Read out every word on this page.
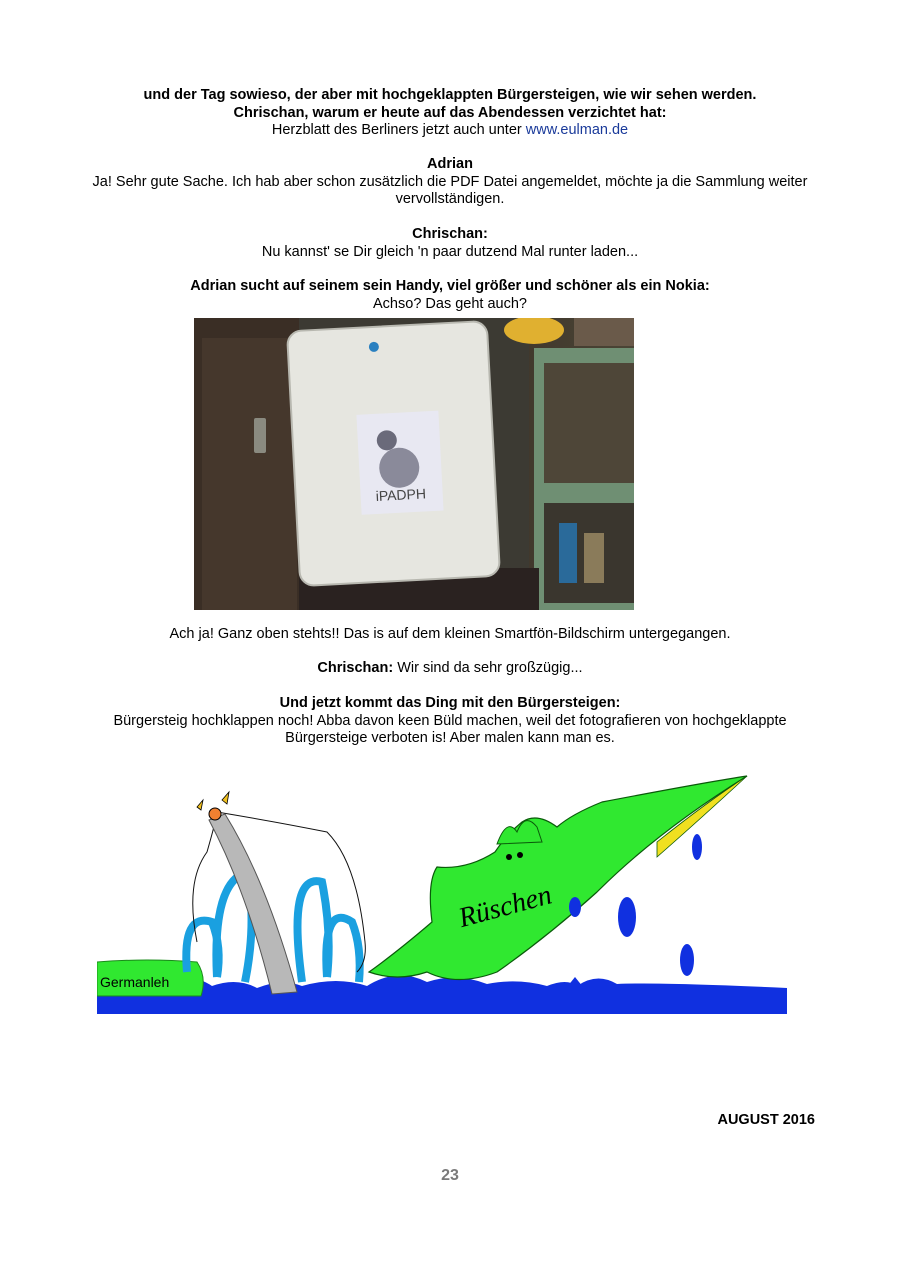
und der Tag sowieso, der aber mit hochgeklappten Bürgersteigen, wie wir sehen werden.
Chrischan, warum er heute auf das Abendessen verzichtet hat:
Herzblatt des Berliners jetzt auch unter www.eulman.de
Adrian
Ja! Sehr gute Sache. Ich hab aber schon zusätzlich die PDF Datei angemeldet, möchte ja die Sammlung weiter vervollständigen.
Chrischan:
Nu kannst' se Dir gleich 'n paar dutzend Mal runter laden...
Adrian sucht auf seinem sein Handy, viel größer und schöner als ein Nokia:
Achso? Das geht auch?
iPADPH
Ach ja! Ganz oben stehts!! Das is auf dem kleinen Smartfön-Bildschirm untergegangen.
Chrischan: Wir sind da sehr großzügig...
Und jetzt kommt das Ding mit den Bürgersteigen:
Bürgersteig hochklappen noch! Abba davon keen Büld machen, weil det fotografieren von hochgeklappte Bürgersteige verboten is! Aber malen kann man es.
Germanleh
Rüschen
AUGUST 2016
23
